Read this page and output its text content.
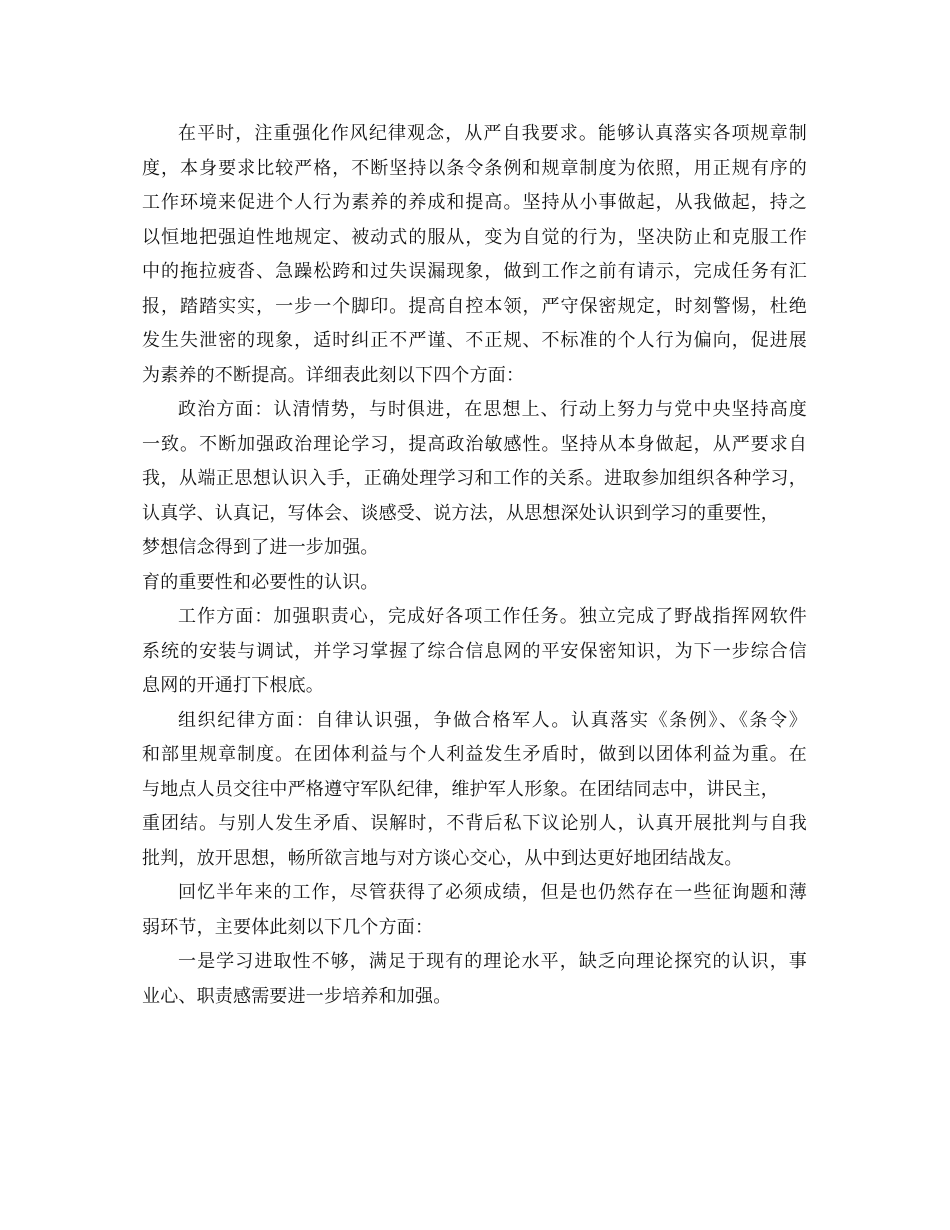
在平时，注重强化作风纪律观念，从严自我要求。能够认真落实各项规章制
度，本身要求比较严格，不断坚持以条令条例和规章制度为依照，用正规有序的
工作环境来促进个人行为素养的养成和提高。坚持从小事做起，从我做起，持之
以恒地把强迫性地规定、被动式的服从，变为自觉的行为，坚决防止和克服工作
中的拖拉疲沓、急躁松跨和过失误漏现象，做到工作之前有请示，完成任务有汇
报，踏踏实实，一步一个脚印。提高自控本领，严守保密规定，时刻警惕，杜绝
发生失泄密的现象，适时纠正不严谨、不正规、不标准的个人行为偏向，促进展
为素养的不断提高。详细表此刻以下四个方面：
政治方面：认清情势，与时俱进，在思想上、行动上努力与党中央坚持高度
一致。不断加强政治理论学习，提高政治敏感性。坚持从本身做起，从严要求自
我，从端正思想认识入手，正确处理学习和工作的关系。进取参加组织各种学习，
认真学、认真记，写体会、谈感受、说方法，从思想深处认识到学习的重要性，
梦想信念得到了进一步加强。
育的重要性和必要性的认识。
工作方面：加强职责心，完成好各项工作任务。独立完成了野战指挥网软件
系统的安装与调试，并学习掌握了综合信息网的平安保密知识，为下一步综合信
息网的开通打下根底。
组织纪律方面：自律认识强，争做合格军人。认真落实《条例》、《条令》
和部里规章制度。在团体利益与个人利益发生矛盾时，做到以团体利益为重。在
与地点人员交往中严格遵守军队纪律，维护军人形象。在团结同志中，讲民主，
重团结。与别人发生矛盾、误解时，不背后私下议论别人，认真开展批判与自我
批判，放开思想，畅所欲言地与对方谈心交心，从中到达更好地团结战友。
回忆半年来的工作，尽管获得了必须成绩，但是也仍然存在一些征询题和薄
弱环节，主要体此刻以下几个方面：
一是学习进取性不够，满足于现有的理论水平，缺乏向理论探究的认识，事
业心、职责感需要进一步培养和加强。
